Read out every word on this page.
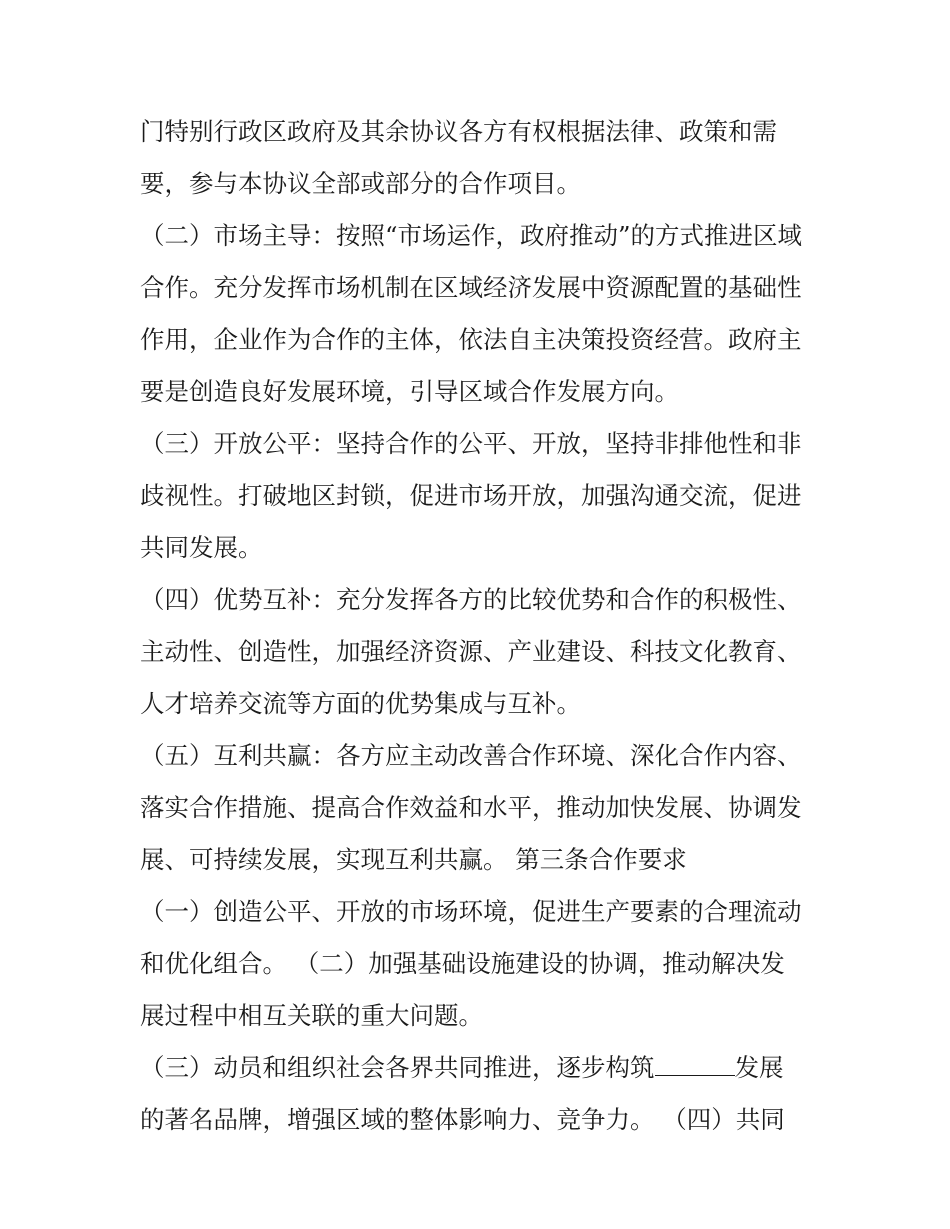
门特别行政区政府及其余协议各方有权根据法律、政策和需
要，参与本协议全部或部分的合作项目。
（二）市场主导：按照“市场运作，政府推动”的方式推进区域
合作。充分发挥市场机制在区域经济发展中资源配置的基础性
作用，企业作为合作的主体，依法自主决策投资经营。政府主
要是创造良好发展环境，引导区域合作发展方向。
（三）开放公平：坚持合作的公平、开放，坚持非排他性和非
歧视性。打破地区封锁，促进市场开放，加强沟通交流，促进
共同发展。
（四）优势互补：充分发挥各方的比较优势和合作的积极性、
主动性、创造性，加强经济资源、产业建设、科技文化教育、
人才培养交流等方面的优势集成与互补。
（五）互利共赢：各方应主动改善合作环境、深化合作内容、
落实合作措施、提高合作效益和水平，推动加快发展、协调发
展、可持续发展，实现互利共赢。 第三条合作要求
（一）创造公平、开放的市场环境，促进生产要素的合理流动
和优化组合。 （二）加强基础设施建设的协调，推动解决发
展过程中相互关联的重大问题。
（三）动员和组织社会各界共同推进，逐步构筑	发展
的著名品牌，增强区域的整体影响力、竞争力。 （四）共同
